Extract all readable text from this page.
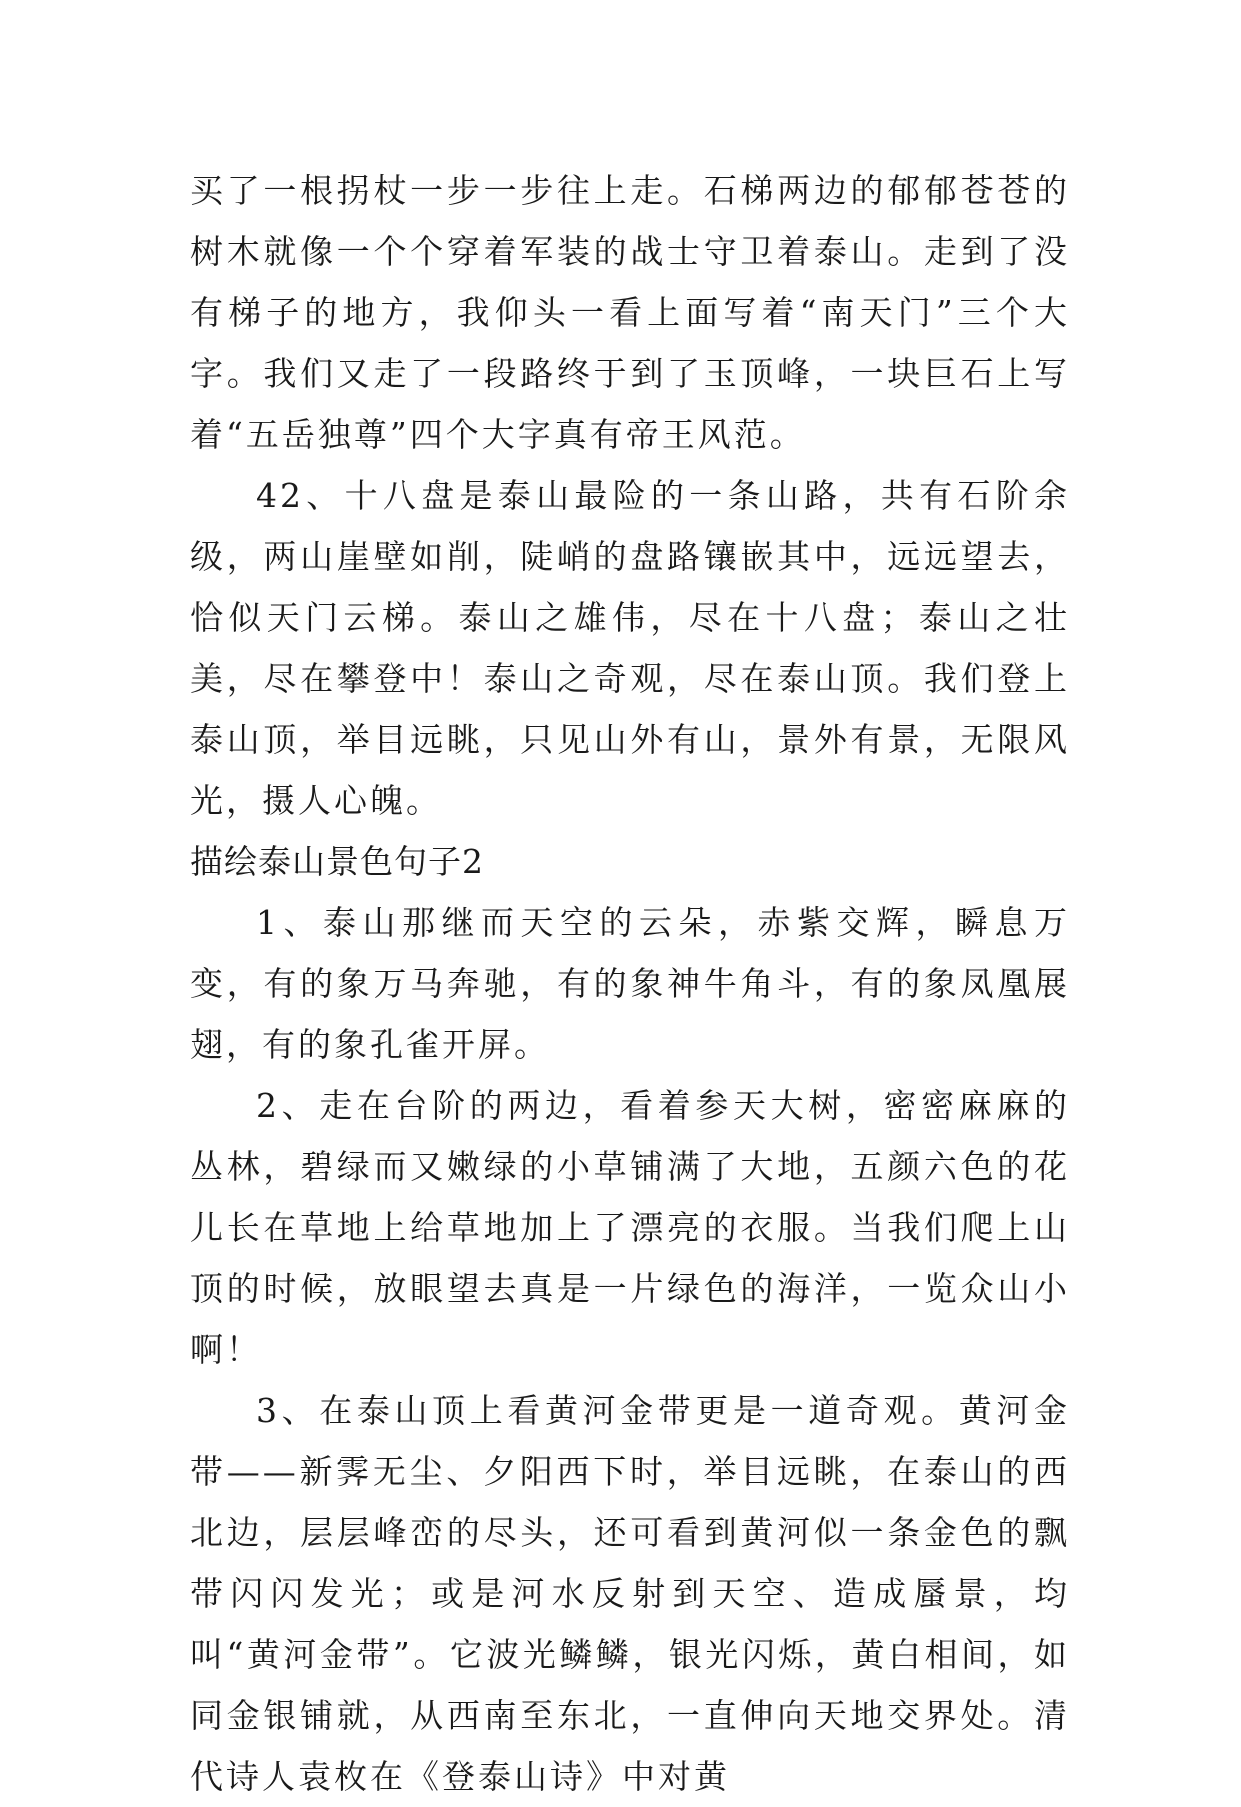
买了一根拐杖一步一步往上走。石梯两边的郁郁苍苍的树木就像一个个穿着军装的战士守卫着泰山。走到了没有梯子的地方，我仰头一看上面写着“南天门”三个大字。我们又走了一段路终于到了玉顶峰，一块巨石上写着“五岳独尊”四个大字真有帝王风范。

42、十八盘是泰山最险的一条山路，共有石阶余级，两山崖壁如削，陡峭的盘路镶嵌其中，远远望去，恰似天门云梯。泰山之雄伟，尽在十八盘；泰山之壮美，尽在攀登中！泰山之奇观，尽在泰山顶。我们登上泰山顶，举目远眺，只见山外有山，景外有景，无限风光，摄人心魄。

描绘泰山景色句子2

1、泰山那继而天空的云朵，赤紫交辉，瞬息万变，有的象万马奔驰，有的象神牛角斗，有的象凤凰展翅，有的象孔雀开屏。

2、走在台阶的两边，看着参天大树，密密麻麻的丛林，碧绿而又嫩绿的小草铺满了大地，五颜六色的花儿长在草地上给草地加上了漂亮的衣服。当我们爬上山顶的时候，放眼望去真是一片绿色的海洋，一览众山小啊！

3、在泰山顶上看黄河金带更是一道奇观。黄河金带——新霁无尘、夕阳西下时，举目远眺，在泰山的西北边，层层峰峦的尽头，还可看到黄河似一条金色的飘带闪闪发光；或是河水反射到天空、造成蜃景，均叫“黄河金带”。它波光鳞鳞，银光闪烁，黄白相间，如同金银铺就，从西南至东北，一直伸向天地交界处。清代诗人袁枚在《登泰山诗》中对黄
